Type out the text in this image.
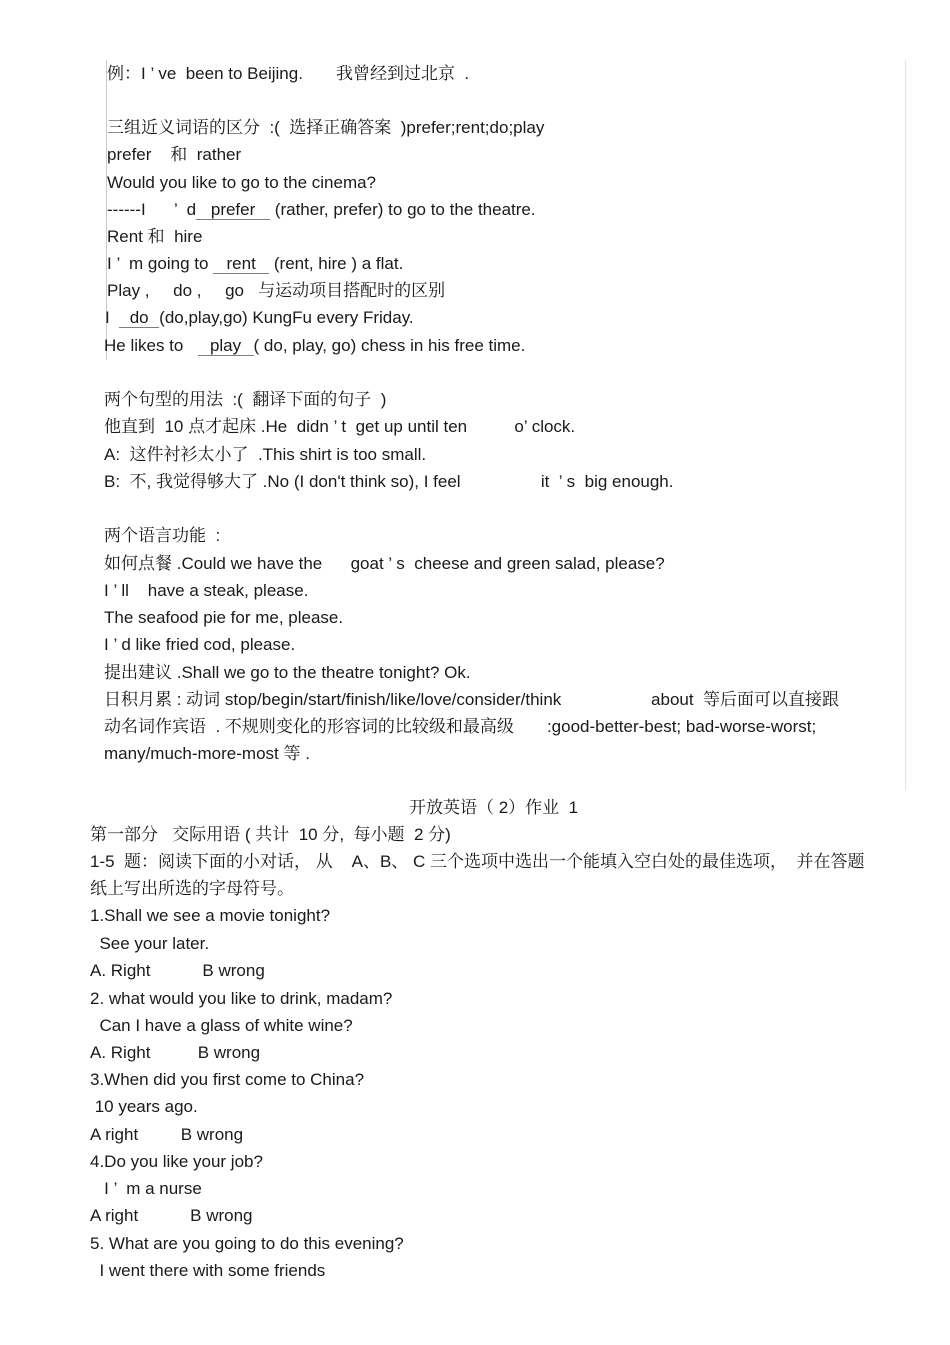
例：I ’ ve  been to Beijing.       我曾经到过北京  .
三组近义词语的区分  :(  选择正确答案  )prefer;rent;do;play
prefer    和  rather
Would you like to go to the cinema?
------I      ’  d prefer (rather, prefer) to go to the theatre.
Rent 和  hire
I ’  m going to rent (rent, hire ) a flat.
Play ,     do ,     go   与运动项目搭配时的区别
I  do (do,play,go) KungFu every Friday.
He likes to   play ( do, play, go) chess in his free time.
两个句型的用法  :(  翻译下面的句子  )
他直到  10 点才起床 .He  didn ’ t  get up until ten          o’ clock.
A:  这件衬衫太小了  .This shirt is too small.
B:  不, 我觉得够大了 .No (I don't think so), I feel                 it  ’ s  big enough.
两个语言功能  :
如何点餐 .Could we have the      goat ’ s  cheese and green salad, please?
I ’ ll    have a steak, please.
The seafood pie for me, please.
I ’ d like fried cod, please.
提出建议 .Shall we go to the theatre tonight? Ok.
日积月累 : 动词 stop/begin/start/finish/like/love/consider/think                   about  等后面可以直接跟
动名词作宾语  . 不规则变化的形容词的比较级和最高级       :good-better-best; bad-worse-worst;
many/much-more-most 等 .
开放英语（ 2）作业  1
第一部分   交际用语 ( 共计  10 分,  每小题  2 分)
1-5  题：阅读下面的小对话， 从    A、B、 C 三个选项中选出一个能填入空白处的最佳选项，  并在答题
纸上写出所选的字母符号。
1.Shall we see a movie tonight?
See your later.
A. Right           B wrong
2. what would you like to drink, madam?
Can I have a glass of white wine?
A. Right          B wrong
3.When did you first come to China?
10 years ago.
A right         B wrong
4.Do you like your job?
I ’  m a nurse
A right           B wrong
5. What are you going to do this evening?
I went there with some friends
